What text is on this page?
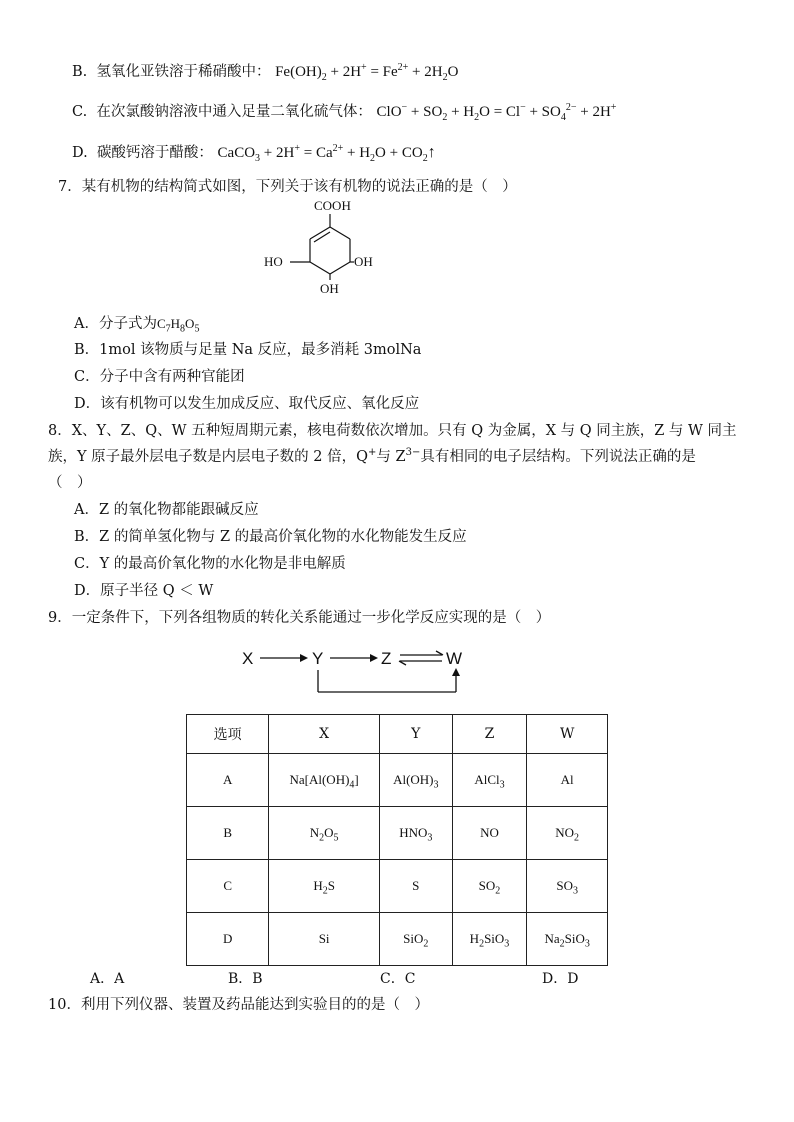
B. 氢氧化亚铁溶于稀硝酸中： $Fe(OH)_2 + 2H^+ = Fe^{2+} + 2H_2O$
C. 在次氯酸钠溶液中通入足量二氧化硫气体： $ClO^- + SO_2 + H_2O = Cl^- + SO_4^{2-} + 2H^+$
D. 碳酸钙溶于醋酸： CaCO$_3$ + $2H^+ = Ca^{2+} + H_2O$ + $CO_2↑$
7．某有机物的结构简式如图，下列关于该有机物的说法正确的是（　）
COOH
HO	OH
OH
A．分子式为$C_7H_8O_5$
B．1mol 该物质与足量 Na 反应，最多消耗 3molNa
C．分子中含有两种官能团
D．该有机物可以发生加成反应、取代反应、氧化反应
8．X、Y、Z、Q、W 五种短周期元素，核电荷数依次增加。只有 Q 为金属，X 与 Q 同主族，Z 与 W 同主
族，Y 原子最外层电子数是内层电子数的 2 倍，Q+与 $Z^{3-}$具有相同的电子层结构。下列说法正确的是
（　）
A．Z 的氧化物都能跟碱反应
B．Z 的简单氢化物与 Z 的最高价氧化物的水化物能发生反应
C．Y 的最高价氧化物的水化物是非电解质
D．原子半径 Q ＜ W
9．一定条件下，下列各组物质的转化关系能通过一步化学反应实现的是（　）
X	Y	Z	W
选项	X	Y	Z	W
A	$Na[Al(OH)_4]$	$Al(OH)_3$	AlCl$_3$	Al
B	$N_2O_5$	$HNO_3$	NO	$NO_2$
C	$H_2S$	S	$SO_2$	$SO_3$
D	Si	SiO$_2$	$H_2SiO_3$	$Na_2SiO_3$
A．A	B．B	C．C	D．D
10．利用下列仪器、装置及药品能达到实验目的的是（　）
